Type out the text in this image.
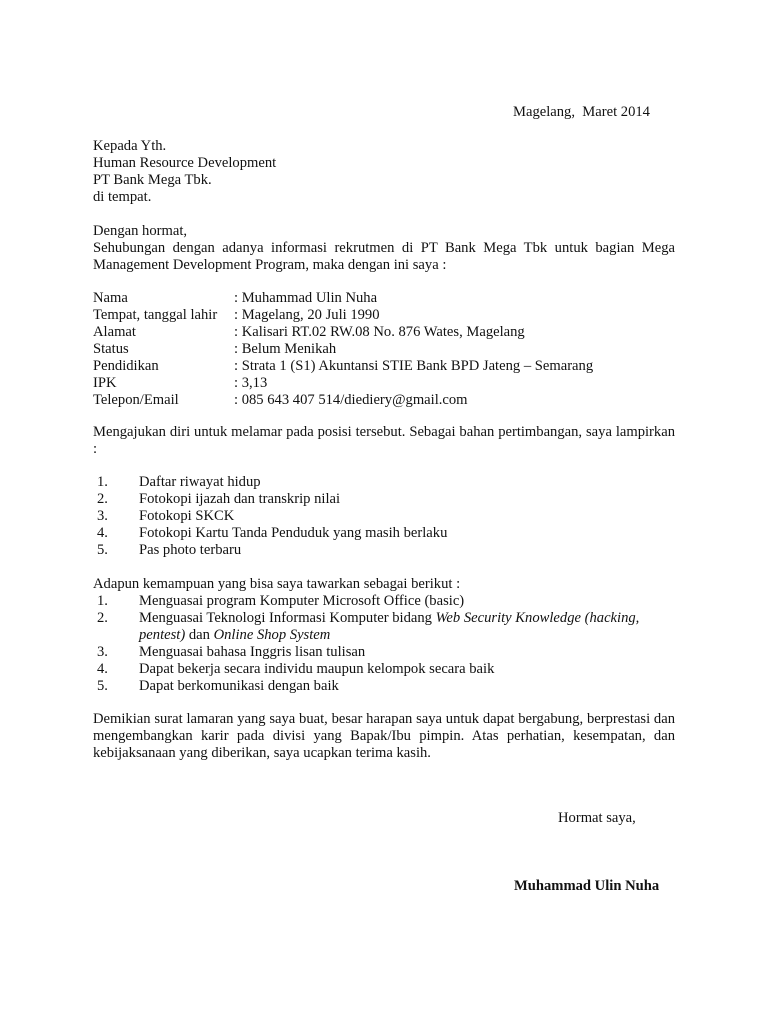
Magelang,  Maret 2014
Kepada Yth.
Human Resource Development
PT Bank Mega Tbk.
di tempat.
Dengan hormat,
Sehubungan dengan adanya informasi rekrutmen di PT Bank Mega Tbk untuk bagian Mega Management Development Program, maka dengan ini saya :
Nama	: Muhammad Ulin Nuha
Tempat, tanggal lahir	: Magelang, 20 Juli 1990
Alamat	: Kalisari RT.02 RW.08 No. 876 Wates, Magelang
Status	: Belum Menikah
Pendidikan	: Strata 1 (S1) Akuntansi STIE Bank BPD Jateng – Semarang
IPK	: 3,13
Telepon/Email	: 085 643 407 514/diediery@gmail.com
Mengajukan diri untuk melamar pada posisi tersebut. Sebagai bahan pertimbangan, saya lampirkan :
1.	Daftar riwayat hidup
2.	Fotokopi ijazah dan transkrip nilai
3.	Fotokopi SKCK
4.	Fotokopi Kartu Tanda Penduduk yang masih berlaku
5.	Pas photo terbaru
Adapun kemampuan yang bisa saya tawarkan sebagai berikut :
1.	Menguasai program Komputer Microsoft Office (basic)
2.	Menguasai Teknologi Informasi Komputer bidang Web Security Knowledge (hacking, pentest) dan Online Shop System
3.	Menguasai bahasa Inggris lisan tulisan
4.	Dapat bekerja secara individu maupun kelompok secara baik
5.	Dapat berkomunikasi dengan baik
Demikian surat lamaran yang saya buat, besar harapan saya untuk dapat bergabung, berprestasi dan mengembangkan karir pada divisi yang Bapak/Ibu pimpin. Atas perhatian, kesempatan, dan kebijaksanaan yang diberikan, saya ucapkan terima kasih.
Hormat saya,
Muhammad Ulin Nuha
